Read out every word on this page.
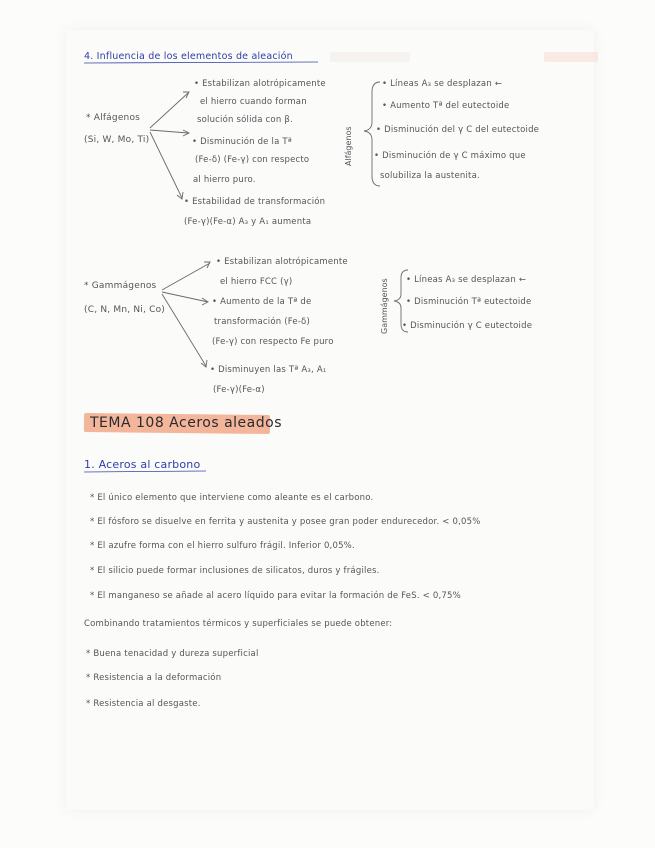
4. Influencia de los elementos de aleación
* Alfágenos
(Si, W, Mo, Ti)
• Estabilizan alotrópicamente
el hierro cuando forman
solución sólida con β.
• Disminución de la Tª
(Fe-δ) (Fe-γ) con respecto
al hierro puro.
• Estabilidad de transformación
(Fe-γ)(Fe-α) A₃ y A₁ aumenta
Alfágenos
• Líneas A₃ se desplazan ←
• Aumento Tª del eutectoide
• Disminución del γ C del eutectoide
• Disminución de γ C máximo que
solubiliza la austenita.
* Gammágenos
(C, N, Mn, Ni, Co)
• Estabilizan alotrópicamente
el hierro FCC (γ)
• Aumento de la Tª de
transformación (Fe-δ)
(Fe-γ) con respecto Fe puro
• Disminuyen las Tª A₃, A₁
(Fe-γ)(Fe-α)
Gammágenos • Líneas A₃ se desplazan ←
• Disminución Tª eutectoide
• Disminución γ C eutectoide
TEMA 108 Aceros aleados
1. Aceros al carbono
* El único elemento que interviene como aleante es el carbono.
* El fósforo se disuelve en ferrita y austenita y posee gran poder endurecedor. < 0,05%
* El azufre forma con el hierro sulfuro frágil. Inferior 0,05%.
* El silicio puede formar inclusiones de silicatos, duros y frágiles.
* El manganeso se añade al acero líquido para evitar la formación de FeS. < 0,75%
Combinando tratamientos térmicos y superficiales se puede obtener:
* Buena tenacidad y dureza superficial
* Resistencia a la deformación
* Resistencia al desgaste.
